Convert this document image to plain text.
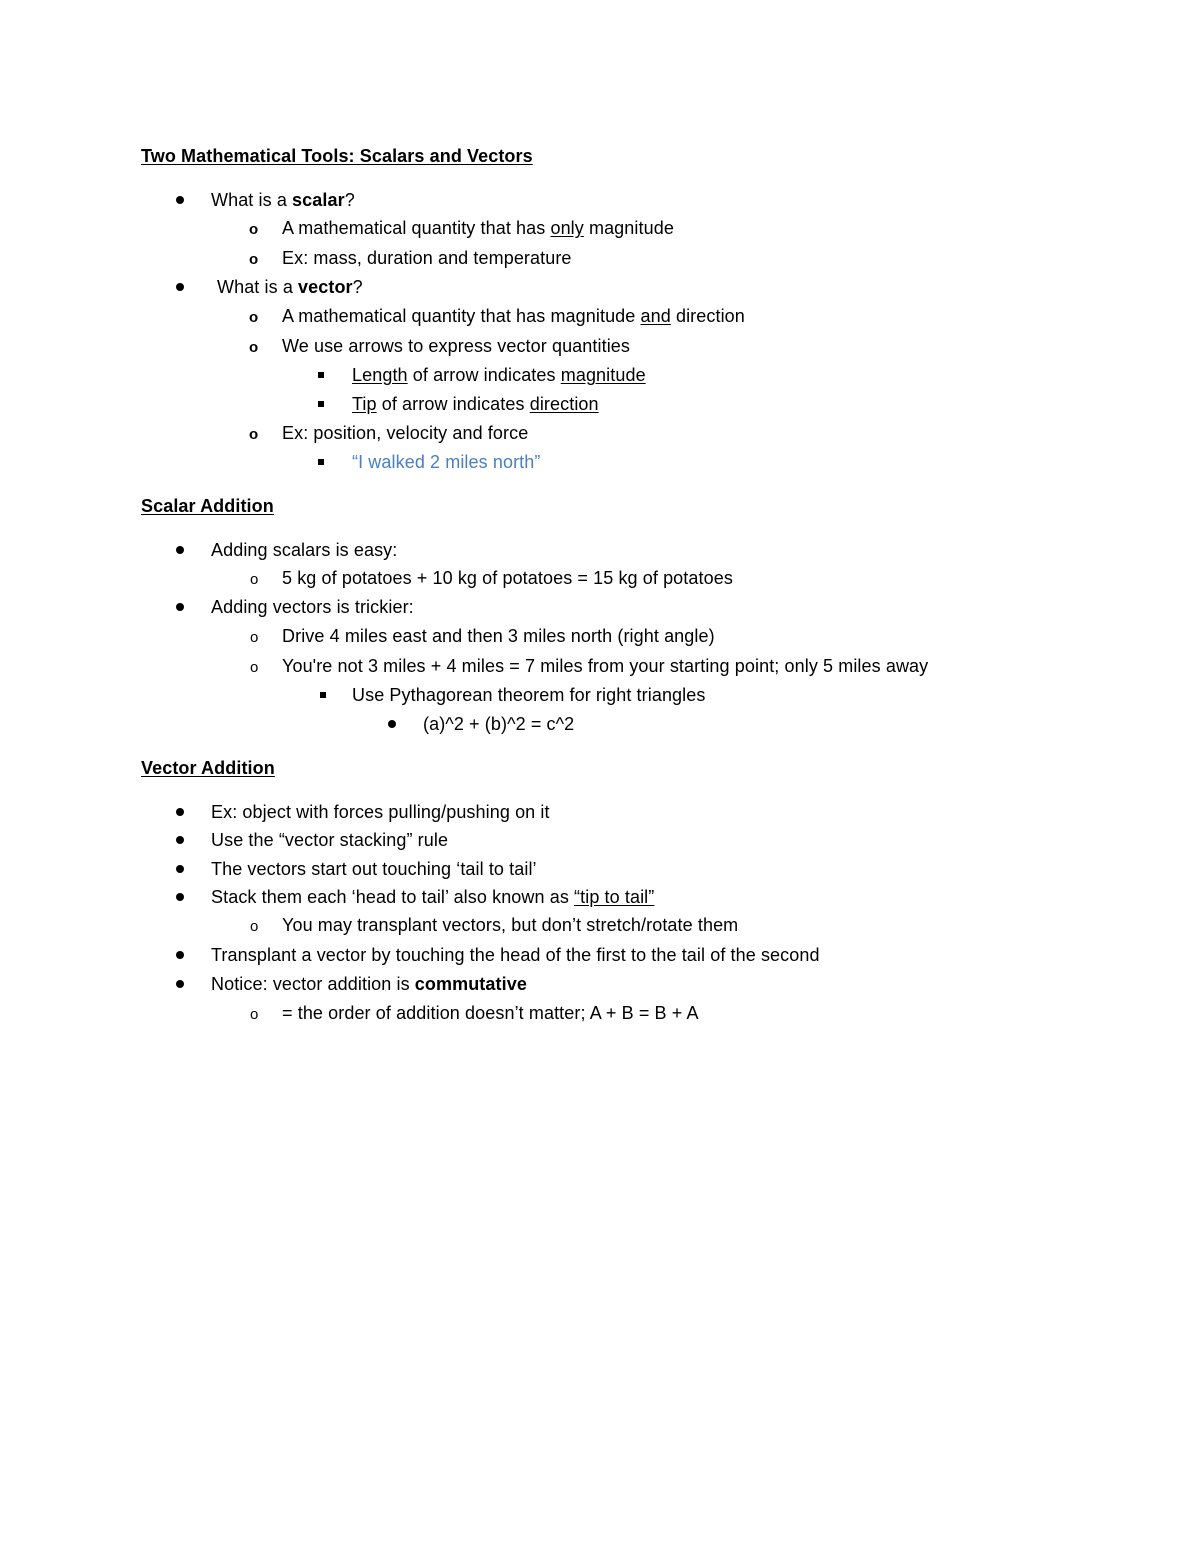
Two Mathematical Tools: Scalars and Vectors
What is a scalar?
o A mathematical quantity that has only magnitude
o Ex: mass, duration and temperature
What is a vector?
o A mathematical quantity that has magnitude and direction
o We use arrows to express vector quantities
Length of arrow indicates magnitude
Tip of arrow indicates direction
o Ex: position, velocity and force
“I walked 2 miles north”
Scalar Addition
Adding scalars is easy:
o 5 kg of potatoes + 10 kg of potatoes = 15 kg of potatoes
Adding vectors is trickier:
o Drive 4 miles east and then 3 miles north (right angle)
o You're not 3 miles + 4 miles = 7 miles from your starting point; only 5 miles away
Use Pythagorean theorem for right triangles
(a)^2 + (b)^2 = c^2
Vector Addition
Ex: object with forces pulling/pushing on it
Use the “vector stacking” rule
The vectors start out touching ‘tail to tail’
Stack them each ‘head to tail’ also known as “tip to tail”
o You may transplant vectors, but don’t stretch/rotate them
Transplant a vector by touching the head of the first to the tail of the second
Notice: vector addition is commutative
o = the order of addition doesn’t matter; A + B = B + A
